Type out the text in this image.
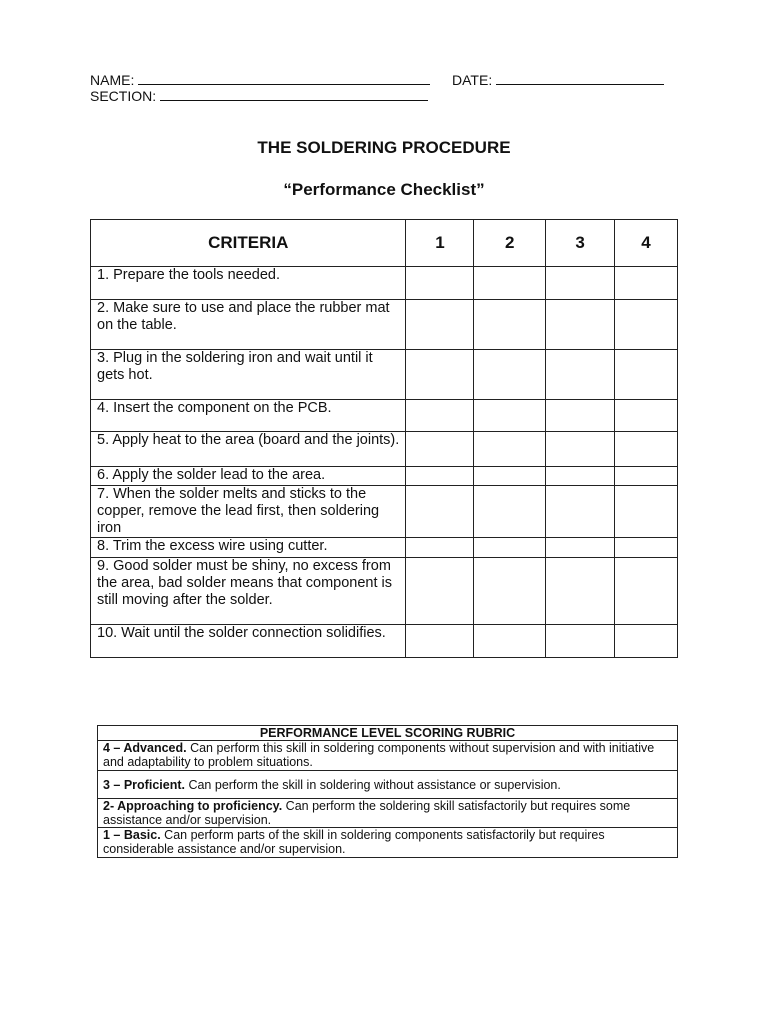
NAME:	DATE:
SECTION:
THE SOLDERING PROCEDURE
“Performance Checklist”
CRITERIA	1	2	3	4
1. Prepare the tools needed.				
2. Make sure to use and place the rubber mat on the table.				
3. Plug in the soldering iron and wait until it gets hot.				
4. Insert the component on the PCB.				
5. Apply heat to the area (board and the joints).				
6. Apply the solder lead to the area.				
7. When the solder melts and sticks to the copper, remove the lead first, then soldering iron				
8. Trim the excess wire using cutter.				
9. Good solder must be shiny, no excess from the area, bad solder means that component is still moving after the solder.				
10. Wait until the solder connection solidifies.				
PERFORMANCE LEVEL SCORING RUBRIC
4 – Advanced. Can perform this skill in soldering components without supervision and with initiative and adaptability to problem situations.
3 – Proficient. Can perform the skill in soldering without assistance or supervision.
2- Approaching to proficiency. Can perform the soldering skill satisfactorily but requires some assistance and/or supervision.
1 – Basic. Can perform parts of the skill in soldering components satisfactorily but requires considerable assistance and/or supervision.
